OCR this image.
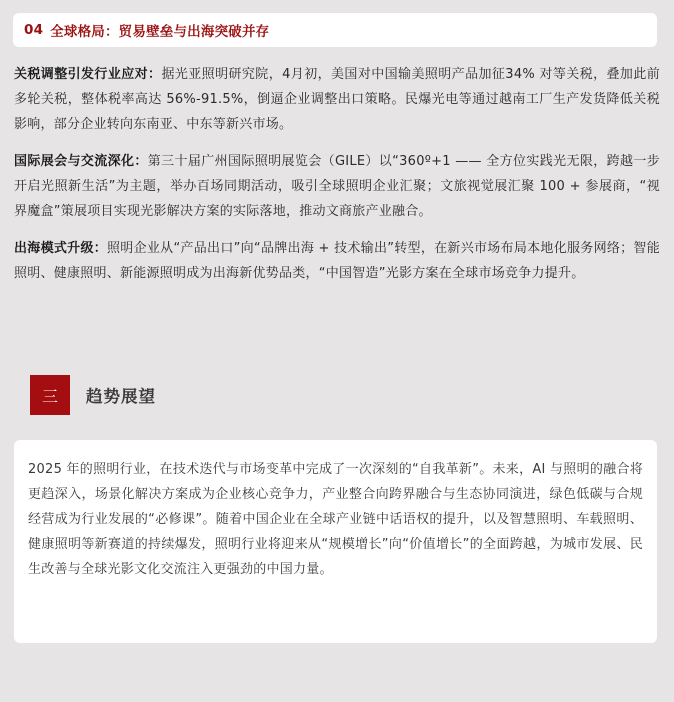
04 全球格局：贸易壁垒与出海突破并存

关税调整引发行业应对：据光亚照明研究院，4月初，美国对中国输美照明产品加征34% 对等关税，叠加此前多轮关税，整体税率高达 56%-91.5%，倒逼企业调整出口策略。民爆光电等通过越南工厂生产发货降低关税影响，部分企业转向东南亚、中东等新兴市场。

国际展会与交流深化：第三十届广州国际照明展览会（GILE）以“360º+1 —— 全方位实践光无限，跨越一步开启光照新生活”为主题，举办百场同期活动，吸引全球照明企业汇聚；文旅视觉展汇聚 100 + 参展商，“视界魔盒”策展项目实现光影解决方案的实际落地，推动文商旅产业融合。

出海模式升级：照明企业从“产品出口”向“品牌出海 + 技术输出”转型，在新兴市场布局本地化服务网络；智能照明、健康照明、新能源照明成为出海新优势品类，“中国智造”光影方案在全球市场竞争力提升。

三	趋势展望

2025 年的照明行业，在技术迭代与市场变革中完成了一次深刻的“自我革新”。未来，AI 与照明的融合将更趋深入，场景化解决方案成为企业核心竞争力，产业整合向跨界融合与生态协同演进，绿色低碳与合规经营成为行业发展的“必修课”。随着中国企业在全球产业链中话语权的提升，以及智慧照明、车载照明、健康照明等新赛道的持续爆发，照明行业将迎来从“规模增长”向“价值增长”的全面跨越，为城市发展、民生改善与全球光影文化交流注入更强劲的中国力量。
